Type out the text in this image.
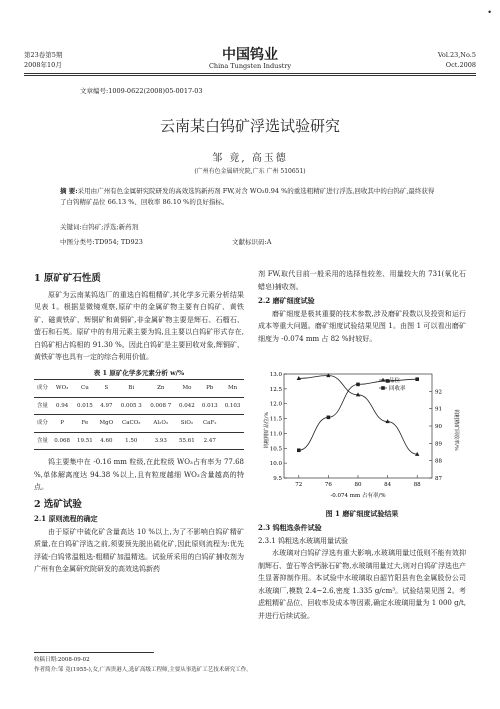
•
第23卷第5期
2008年10月
中国钨业
China Tungsten Industry
Vol.23,No.5
Oct.2008
文章编号:1009-0622(2008)05-0017-03
云南某白钨矿浮选试验研究
邹 竟, 高玉德
(广州有色金属研究院,广东 广州 510651)
摘 要:采用由广州有色金属研究院研发的高效选钨新药剂 FW,对含 WO₃0.94 %的重选粗精矿进行浮选,回收其中的白钨矿,最终获得了白钨精矿品位 66.13 %、回收率 86.10 %的良好指标。
关键词:白钨矿;浮选;新药剂
中图分类号:TD954; TD923	文献标识码:A
1 原矿矿石性质
原矿为云南某钨选厂的重选白钨粗精矿,其化学多元素分析结果见表 1。根据显微镜观察,原矿中的金属矿物主要有白钨矿、黄铁矿、磁黄铁矿、辉铜矿和黄铜矿,非金属矿物主要是辉石、石榴石、萤石和石英。原矿中的有用元素主要为钨,且主要以白钨矿形式存在,白钨矿相占钨相的 91.30 %。因此白钨矿是主要回收对象,辉铜矿、黄铁矿等也具有一定的综合利用价值。
表 1 原矿化学多元素分析 w/%
成分	WO₃	Cu	S	Bi	Zn	Mo	Pb	Mn
含量	0.94	0.015	4.97	0.005 3	0.008 7	0.042	0.013	0.103
成分	P	Fe	MgO	CaCO₃	Al₂O₃	SiO₂	CaF₂	
含量	0.068	19.51	4.60	1.50	3.93	55.61	2.47	
钨主要集中在 -0.16 mm 粒级,在此粒级 WO₃占有率为 77.68 %,单体解离度达 94.38 %以上,且有粒度越细 WO₃含量越高的特点。
2 选矿试验
2.1 原则流程的确定
由于原矿中硫化矿含量高达 10 %以上,为了不影响白钨矿精矿质量,在白钨矿浮选之前,须要预先脱出硫化矿,因此原则流程为:优先浮硫-白钨常温粗选-粗精矿加温精选。试验所采用的白钨矿捕收剂为广州有色金属研究院研发的高效选钨新药
剂 FW,取代目前一般采用的选择性较差、用量较大的 731(氧化石蜡皂)捕收剂。
2.2 磨矿细度试验
磨矿细度是极其重要的技术参数,涉及磨矿段数以及投资和运行成本等重大问题。磨矿细度试验结果见图 1。由图 1 可以看出磨矿细度为 -0.074 mm 占 82 %时较好。
9.5
10.0
10.5
11.0
11.5
12.0
12.5
13.0
87
88
89
90
91
92
72	76	80	84	88
钨粗精矿品位/%	钨粗精矿回收率/%
-0.074 mm 占有率/%
品位
回收率
图 1 磨矿细度试验结果
2.3 钨粗选条件试验
2.3.1 钨粗选水玻璃用量试验
水玻璃对白钨矿浮选有重大影响,水玻璃用量过低则不能有效抑制辉石、萤石等含钙脉石矿物,水玻璃用量过大,则对白钨矿浮选也产生显著抑制作用。本试验中水玻璃取自韶竹阳县有色金属股份公司水玻璃厂,模数 2.4~2.6,密度 1.335 g/cm³。试验结果见图 2。考虑粗精矿品位、回收率及成本等因素,确定水玻璃用量为 1 000 g/t,并进行后续试验。
收稿日期:2008-09-02
作者简介:邹 竟(1955-),女,广西贵港人,选矿高级工程师,主要从事选矿工艺技术研究工作。
